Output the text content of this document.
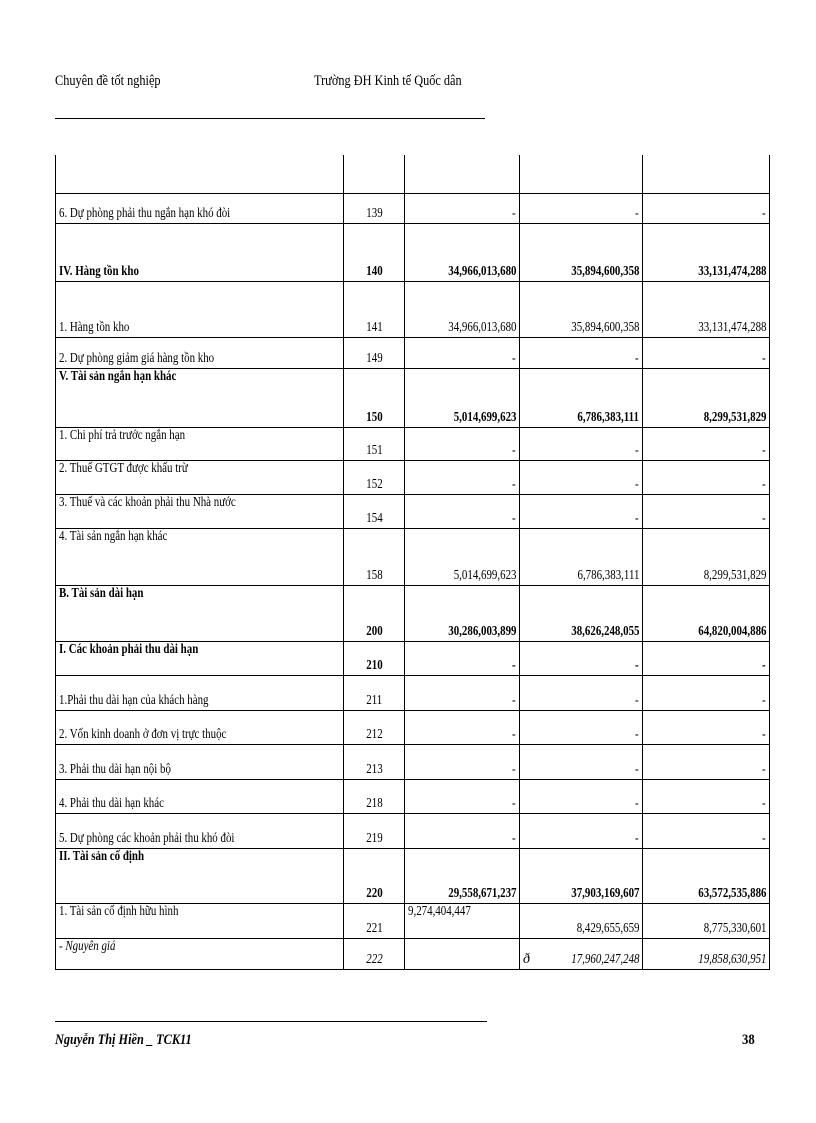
Chuyên đề tốt nghiệp	Trường ĐH Kinh tế Quốc dân

6. Dự phòng phải thu ngắn hạn khó đòi	139	-	-	-
IV. Hàng tồn kho	140	34,966,013,680	35,894,600,358	33,131,474,288
1. Hàng tồn kho	141	34,966,013,680	35,894,600,358	33,131,474,288
2. Dự phòng giảm giá hàng tồn kho	149	-	-	-
V. Tài sản ngắn hạn khác	150	5,014,699,623	6,786,383,111	8,299,531,829
1. Chi phí trả trước ngắn hạn	151	-	-	-
2. Thuế GTGT được khấu trừ	152	-	-	-
3. Thuế và các khoản phải thu Nhà nước	154	-	-	-
4. Tài sản ngắn hạn khác	158	5,014,699,623	6,786,383,111	8,299,531,829
B. Tài sản dài hạn	200	30,286,003,899	38,626,248,055	64,820,004,886
I. Các khoản phải thu dài hạn	210	-	-	-
1.Phải thu dài hạn của khách hàng	211	-	-	-
2. Vốn kinh doanh ở đơn vị trực thuộc	212	-	-	-
3. Phải thu dài hạn nội bộ	213	-	-	-
4. Phải thu dài hạn khác	218	-	-	-
5. Dự phòng các khoản phải thu khó đòi	219	-	-	-
II. Tài sản cố định	220	29,558,671,237	37,903,169,607	63,572,535,886
1. Tài sản cố định hữu hình	221	9,274,404,447	8,429,655,659	8,775,330,601
- Nguyên giá	222		ð 17,960,247,248	19,858,630,951
Nguyễn Thị Hiền _ TCK11	38
